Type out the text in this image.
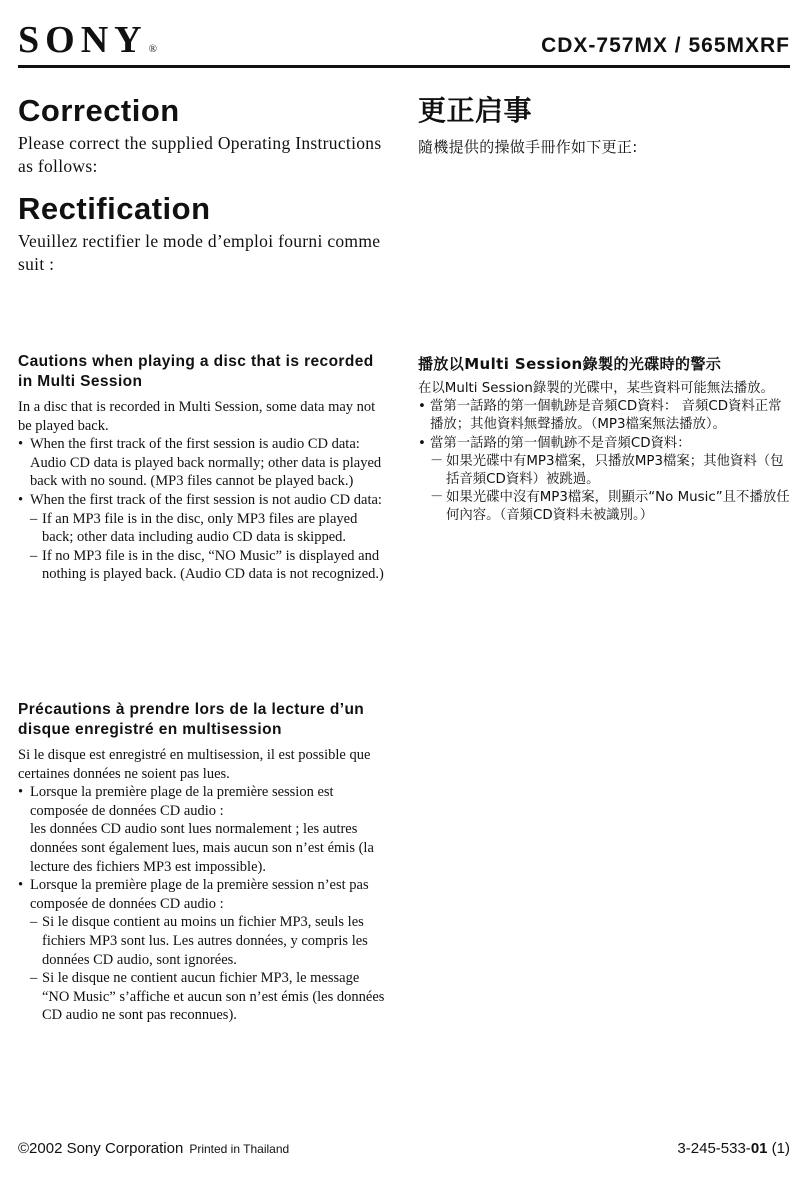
SONY®	CDX-757MX / 565MXRF
Correction

Please correct the supplied Operating Instructions as follows:

Rectification

Veuillez rectifier le mode d’emploi fourni comme suit :

更正启事

隨機提供的操做手冊作如下更正:

Cautions when playing a disc that is recorded in Multi Session

In a disc that is recorded in Multi Session, some data may not be played back.

• When the first track of the first session is audio CD data:
Audio CD data is played back normally; other data is played back with no sound. (MP3 files cannot be played back.)
• When the first track of the first session is not audio CD data:
– If an MP3 file is in the disc, only MP3 files are played back; other data including audio CD data is skipped.
– If no MP3 file is in the disc, “NO Music” is displayed and nothing is played back. (Audio CD data is not recognized.)
Précautions à prendre lors de la lecture d’un disque enregistré en multisession

Si le disque est enregistré en multisession, il est possible que certaines données ne soient pas lues.

• Lorsque la première plage de la première session est composée de données CD audio :
les données CD audio sont lues normalement ; les autres données sont également lues, mais aucun son n’est émis (la lecture des fichiers MP3 est impossible).
• Lorsque la première plage de la première session n’est pas composée de données CD audio :
– Si le disque contient au moins un fichier MP3, seuls les fichiers MP3 sont lus. Les autres données, y compris les données CD audio, sont ignorées.
– Si le disque ne contient aucun fichier MP3, le message “NO Music” s’affiche et aucun son n’est émis (les données CD audio ne sont pas reconnues).
播放以Multi Session錄製的光碟時的警示

在以Multi Session錄製的光碟中，某些資料可能無法播放。

• 當第一話路的第一個軌跡是音頻CD資料： 音頻CD資料正常播放；其他資料無聲播放。（MP3檔案無法播放）。
• 當第一話路的第一個軌跡不是音頻CD資料：
－ 如果光碟中有MP3檔案，只播放MP3檔案；其他資料（包括音頻CD資料）被跳過。
－ 如果光碟中沒有MP3檔案，則顯示“No Music”且不播放任何內容。（音頻CD資料未被識別。）
©2002 Sony Corporation Printed in Thailand	3-245-533-01 (1)
